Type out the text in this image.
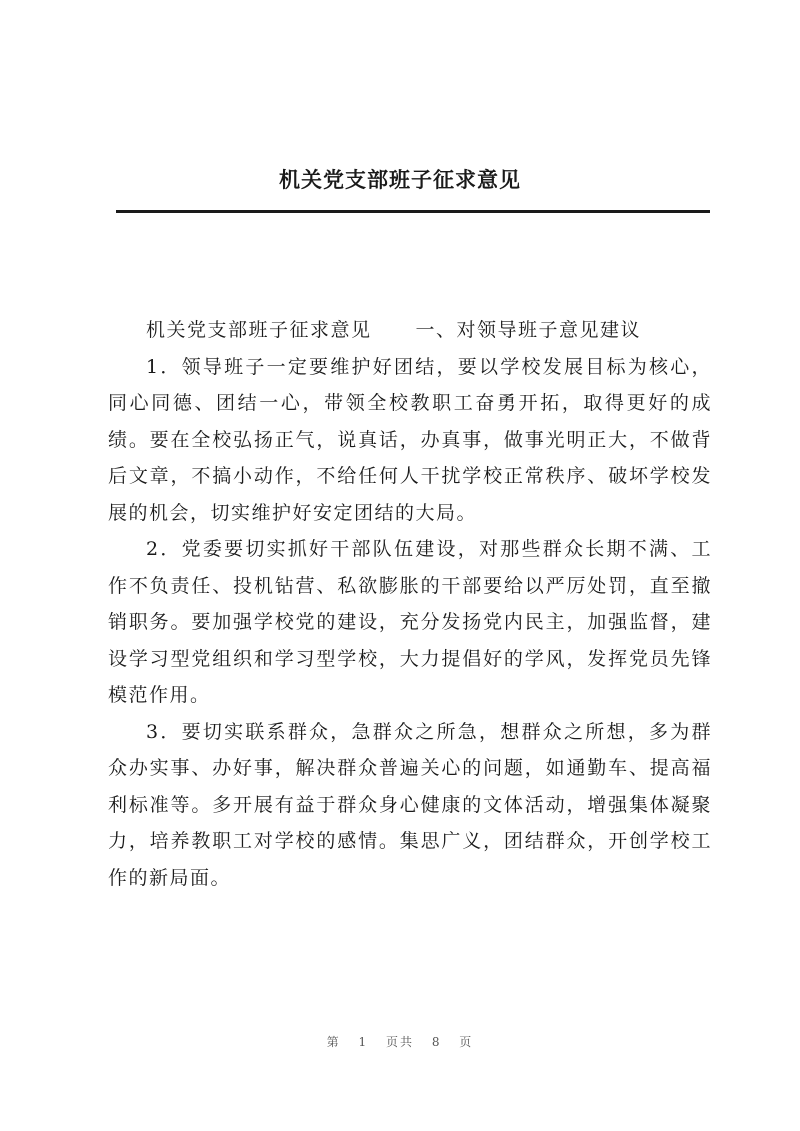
机关党支部班子征求意见

机关党支部班子征求意见 一、对领导班子意见建议

1．领导班子一定要维护好团结，要以学校发展目标为核心，同心同德、团结一心，带领全校教职工奋勇开拓，取得更好的成绩。要在全校弘扬正气，说真话，办真事，做事光明正大，不做背后文章，不搞小动作，不给任何人干扰学校正常秩序、破坏学校发展的机会，切实维护好安定团结的大局。

2．党委要切实抓好干部队伍建设，对那些群众长期不满、工作不负责任、投机钻营、私欲膨胀的干部要给以严厉处罚，直至撤销职务。要加强学校党的建设，充分发扬党内民主，加强监督，建设学习型党组织和学习型学校，大力提倡好的学风，发挥党员先锋模范作用。

3．要切实联系群众，急群众之所急，想群众之所想，多为群众办实事、办好事，解决群众普遍关心的问题，如通勤车、提高福利标准等。多开展有益于群众身心健康的文体活动，增强集体凝聚力，培养教职工对学校的感情。集思广义，团结群众，开创学校工作的新局面。

第 1 页共 8 页
